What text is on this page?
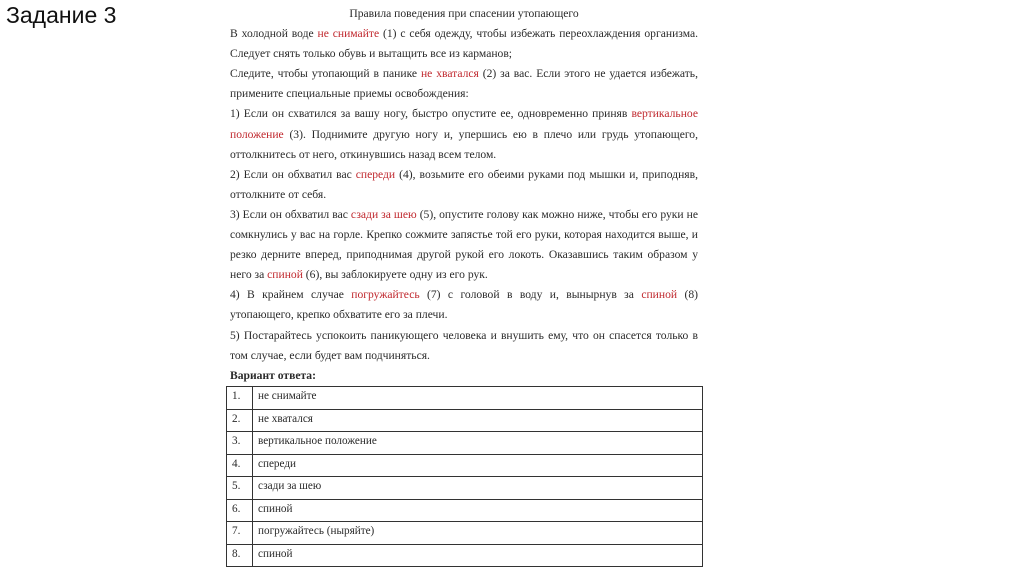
Задание 3	Правила поведения при спасении утопающего

В холодной воде не снимайте (1) с себя одежду, чтобы избежать переохлаждения организма. Следует снять только обувь и вытащить все из карманов;

Следите, чтобы утопающий в панике не хватался (2) за вас. Если этого не удается избежать, примените специальные приемы освобождения:

1) Если он схватился за вашу ногу, быстро опустите ее, одновременно приняв вертикальное положение (3). Поднимите другую ногу и, упершись ею в плечо или грудь утопающего, оттолкнитесь от него, откинувшись назад всем телом.

2) Если он обхватил вас спереди (4), возьмите его обеими руками под мышки и, приподняв, оттолкните от себя.

3) Если он обхватил вас сзади за шею (5), опустите голову как можно ниже, чтобы его руки не сомкнулись у вас на горле. Крепко сожмите запястье той его руки, которая находится выше, и резко дерните вперед, приподнимая другой рукой его локоть. Оказавшись таким образом у него за спиной (6), вы заблокируете одну из его рук.

4) В крайнем случае погружайтесь (7) с головой в воду и, вынырнув за спиной (8) утопающего, крепко обхватите его за плечи.

5) Постарайтесь успокоить паникующего человека и внушить ему, что он спасется только в том случае, если будет вам подчиняться.

Вариант ответа:
1.	не снимайте
2.	не хватался
3.	вертикальное положение
4.	спереди
5.	сзади за шею
6.	спиной
7.	погружайтесь (ныряйте)
8.	спиной
